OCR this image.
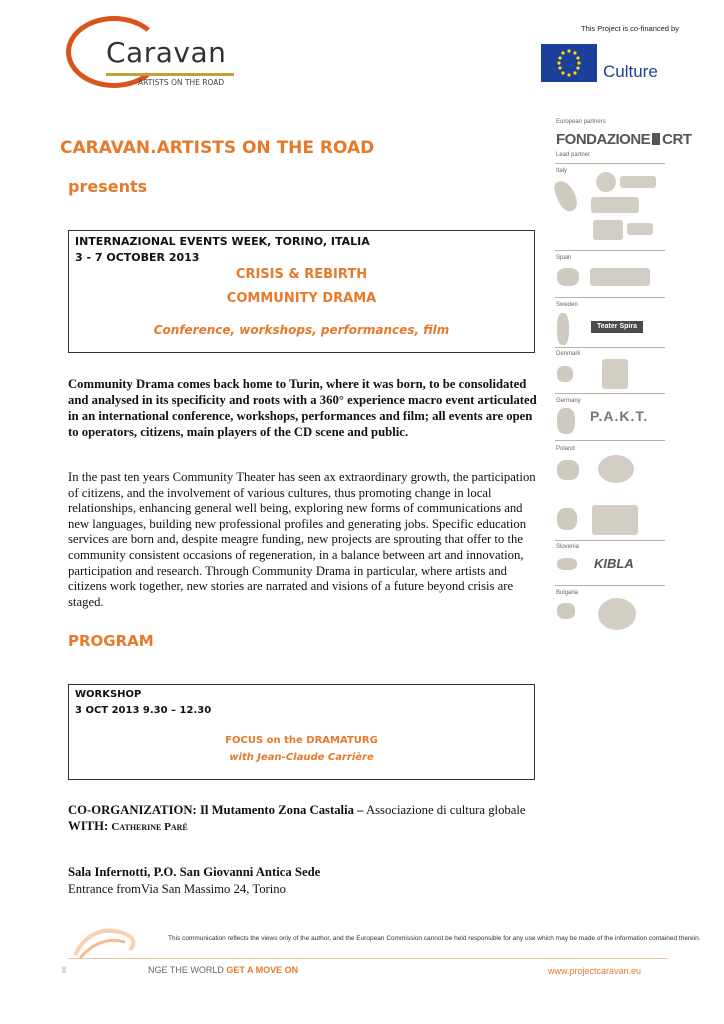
Caravan
ARTISTS ON THE ROAD
This Project is co-financed by
Culture
CARAVAN.ARTISTS ON THE ROAD
presents
INTERNAZIONAL EVENTS WEEK, TORINO, ITALIA
3 - 7 OCTOBER 2013
CRISIS & REBIRTH
COMMUNITY DRAMA
Conference, workshops, performances, film
Community Drama comes back home to Turin, where it was born, to be consolidated and analysed in its specificity and roots with a 360° experience macro event articulated in an international conference, workshops, performances and film; all events are open to operators, citizens, main players of the CD scene and public.
In the past ten years Community Theater has seen ax extraordinary growth, the participation of citizens, and the involvement of various cultures, thus promoting change in local relationships, enhancing general well being, exploring new forms of communications and new languages, building new professional profiles and generating jobs. Specific education services are born and, despite meagre funding, new projects are sprouting that offer to the community consistent occasions of regeneration, in a balance between art and innovation, participation and research. Through Community Drama in particular, where artists and citizens work together, new stories are narrated and visions of a future beyond crisis are staged.
PROGRAM
WORKSHOP
3 OCT 2013 9.30 – 12.30
FOCUS on the DRAMATURG
with Jean-Claude Carrière
CO-ORGANIZATION: Il Mutamento Zona Castalia – Associazione di cultura globale
WITH: Catherine Paré
Sala Infernotti, P.O. San Giovanni Antica Sede
Entrance fromVia San Massimo 24, Torino
European partners
FONDAZIONE CRT
Lead partner
Italy
Spain
Sweden
Teater Spira
Denmark
Germany
P.A.K.T.
Poland
Slovenia
KIBLA
Bulgaria
This communication reflects the views only of the author, and the European Commission cannot be held responsible for any use which may be made of the information contained therein.
ll	NGE THE WORLD GET A MOVE ON	www.projectcaravan.eu
